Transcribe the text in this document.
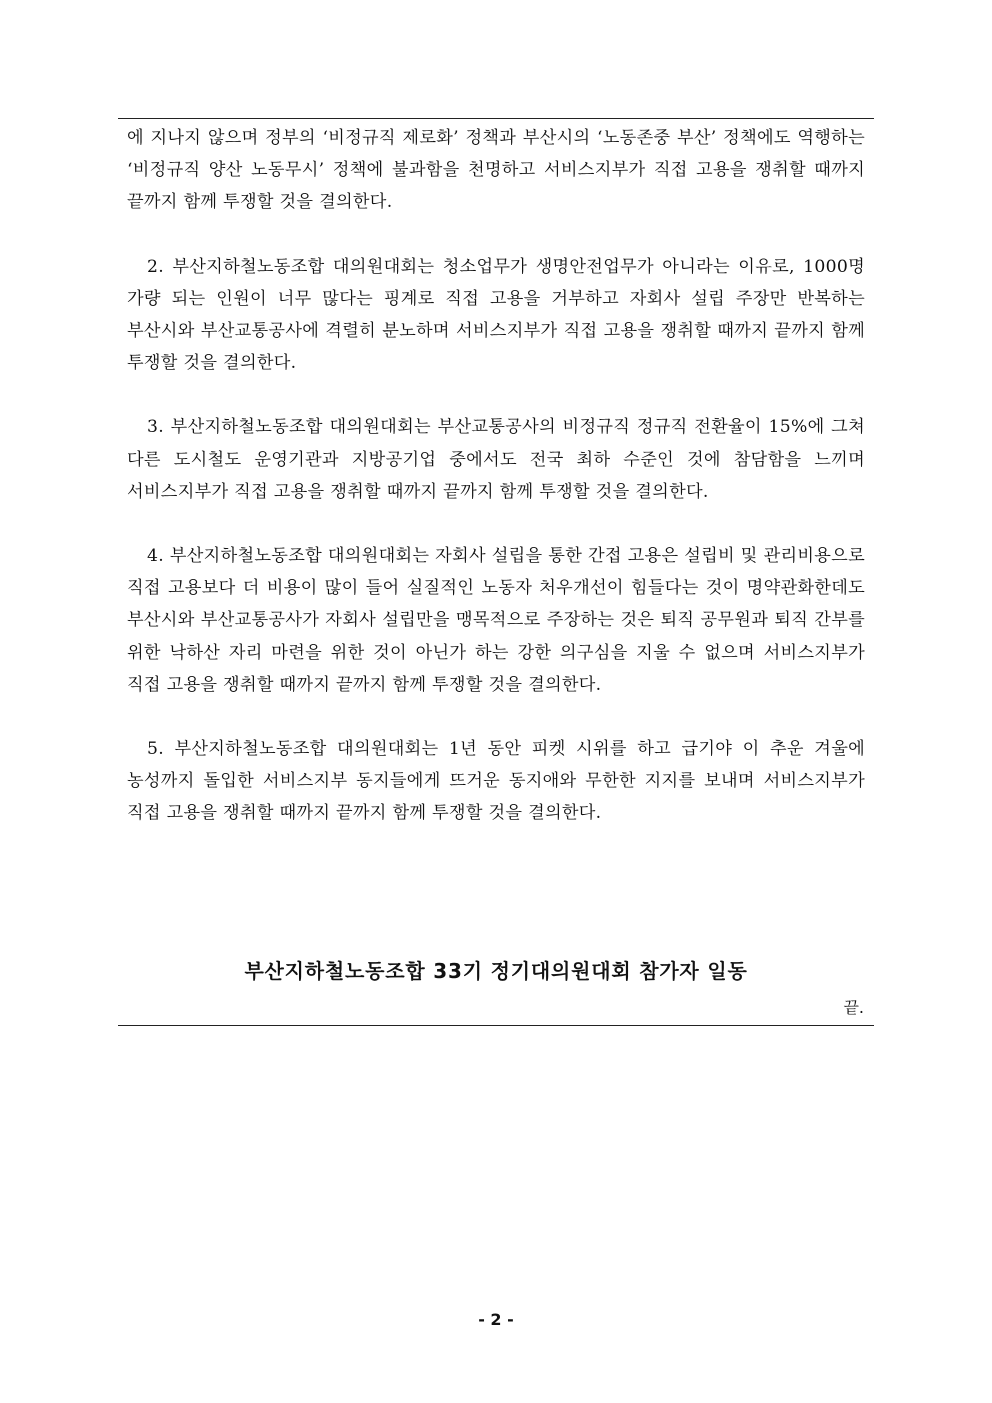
에 지나지 않으며 정부의 ‘비정규직 제로화’ 정책과 부산시의 ‘노동존중 부산’ 정책에도 역행하는 ‘비정규직 양산 노동무시’ 정책에 불과함을 천명하고 서비스지부가 직접 고용을 쟁취할 때까지 끝까지 함께 투쟁할 것을 결의한다.

2. 부산지하철노동조합 대의원대회는 청소업무가 생명안전업무가 아니라는 이유로, 1000명 가량 되는 인원이 너무 많다는 핑계로 직접 고용을 거부하고 자회사 설립 주장만 반복하는 부산시와 부산교통공사에 격렬히 분노하며 서비스지부가 직접 고용을 쟁취할 때까지 끝까지 함께 투쟁할 것을 결의한다.

3. 부산지하철노동조합 대의원대회는 부산교통공사의 비정규직 정규직 전환율이 15%에 그쳐 다른 도시철도 운영기관과 지방공기업 중에서도 전국 최하 수준인 것에 참담함을 느끼며 서비스지부가 직접 고용을 쟁취할 때까지 끝까지 함께 투쟁할 것을 결의한다.

4. 부산지하철노동조합 대의원대회는 자회사 설립을 통한 간접 고용은 설립비 및 관리비용으로 직접 고용보다 더 비용이 많이 들어 실질적인 노동자 처우개선이 힘들다는 것이 명약관화한데도 부산시와 부산교통공사가 자회사 설립만을 맹목적으로 주장하는 것은 퇴직 공무원과 퇴직 간부를 위한 낙하산 자리 마련을 위한 것이 아닌가 하는 강한 의구심을 지울 수 없으며 서비스지부가 직접 고용을 쟁취할 때까지 끝까지 함께 투쟁할 것을 결의한다.

5. 부산지하철노동조합 대의원대회는 1년 동안 피켓 시위를 하고 급기야 이 추운 겨울에 농성까지 돌입한 서비스지부 동지들에게 뜨거운 동지애와 무한한 지지를 보내며 서비스지부가 직접 고용을 쟁취할 때까지 끝까지 함께 투쟁할 것을 결의한다.

부산지하철노동조합 33기 정기대의원대회 참가자 일동
끝.
- 2 -
